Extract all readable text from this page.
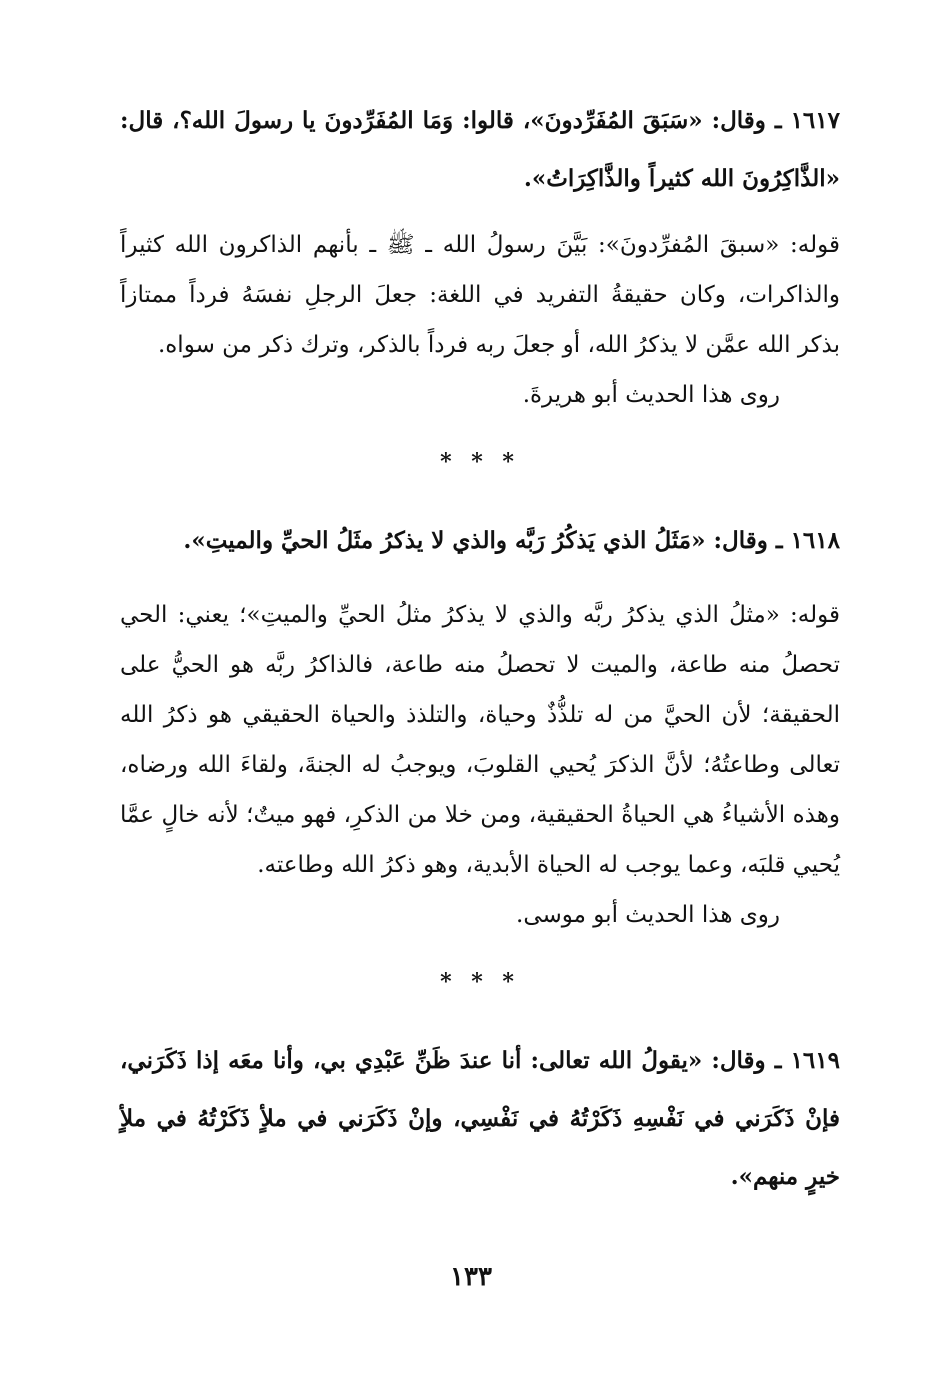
١٦١٧ ـ وقال: «سَبَقَ المُفَرِّدونَ»، قالوا: وَمَا المُفَرِّدونَ يا رسولَ الله؟، قال: «الذَّاكِرُونَ الله كثيراً والذَّاكِرَاتُ».

قوله: «سبقَ المُفرِّدونَ»: بَيَّنَ رسولُ الله ـ ﷺ ـ بأنهم الذاكرون الله كثيراً والذاكرات، وكان حقيقةُ التفريد في اللغة: جعلَ الرجلِ نفسَهُ فرداً ممتازاً بذكر الله عمَّن لا يذكرُ الله، أو جعلَ ربه فرداً بالذكر، وترك ذكر من سواه.

روى هذا الحديث أبو هريرةَ.

* * *

١٦١٨ ـ وقال: «مَثَلُ الذي يَذكُرُ رَبَّه والذي لا يذكرُ مثَلُ الحيِّ والميتِ».

قوله: «مثلُ الذي يذكرُ ربَّه والذي لا يذكرُ مثلُ الحيِّ والميتِ»؛ يعني: الحي تحصلُ منه طاعة، والميت لا تحصلُ منه طاعة، فالذاكرُ ربَّه هو الحيُّ على الحقيقة؛ لأن الحيَّ من له تلذُّذٌ وحياة، والتلذذ والحياة الحقيقي هو ذكرُ الله تعالى وطاعتُهُ؛ لأنَّ الذكرَ يُحيي القلوبَ، ويوجبُ له الجنةَ، ولقاءَ الله ورضاه، وهذه الأشياءُ هي الحياةُ الحقيقية، ومن خلا من الذكرِ، فهو ميتٌ؛ لأنه خالٍ عمَّا يُحيي قلبَه، وعما يوجب له الحياة الأبدية، وهو ذكرُ الله وطاعته.

روى هذا الحديث أبو موسى.

* * *

١٦١٩ ـ وقال: «يقولُ الله تعالى: أنا عندَ ظَنِّ عَبْدِي بي، وأنا معَه إذا ذَكَرَني، فإنْ ذَكَرَني في نَفْسِهِ ذَكَرْتُهُ في نَفْسِي، وإنْ ذَكَرَني في ملأٍ ذَكَرْتُهُ في ملأٍ خيرٍ منهم».

١٣٣
